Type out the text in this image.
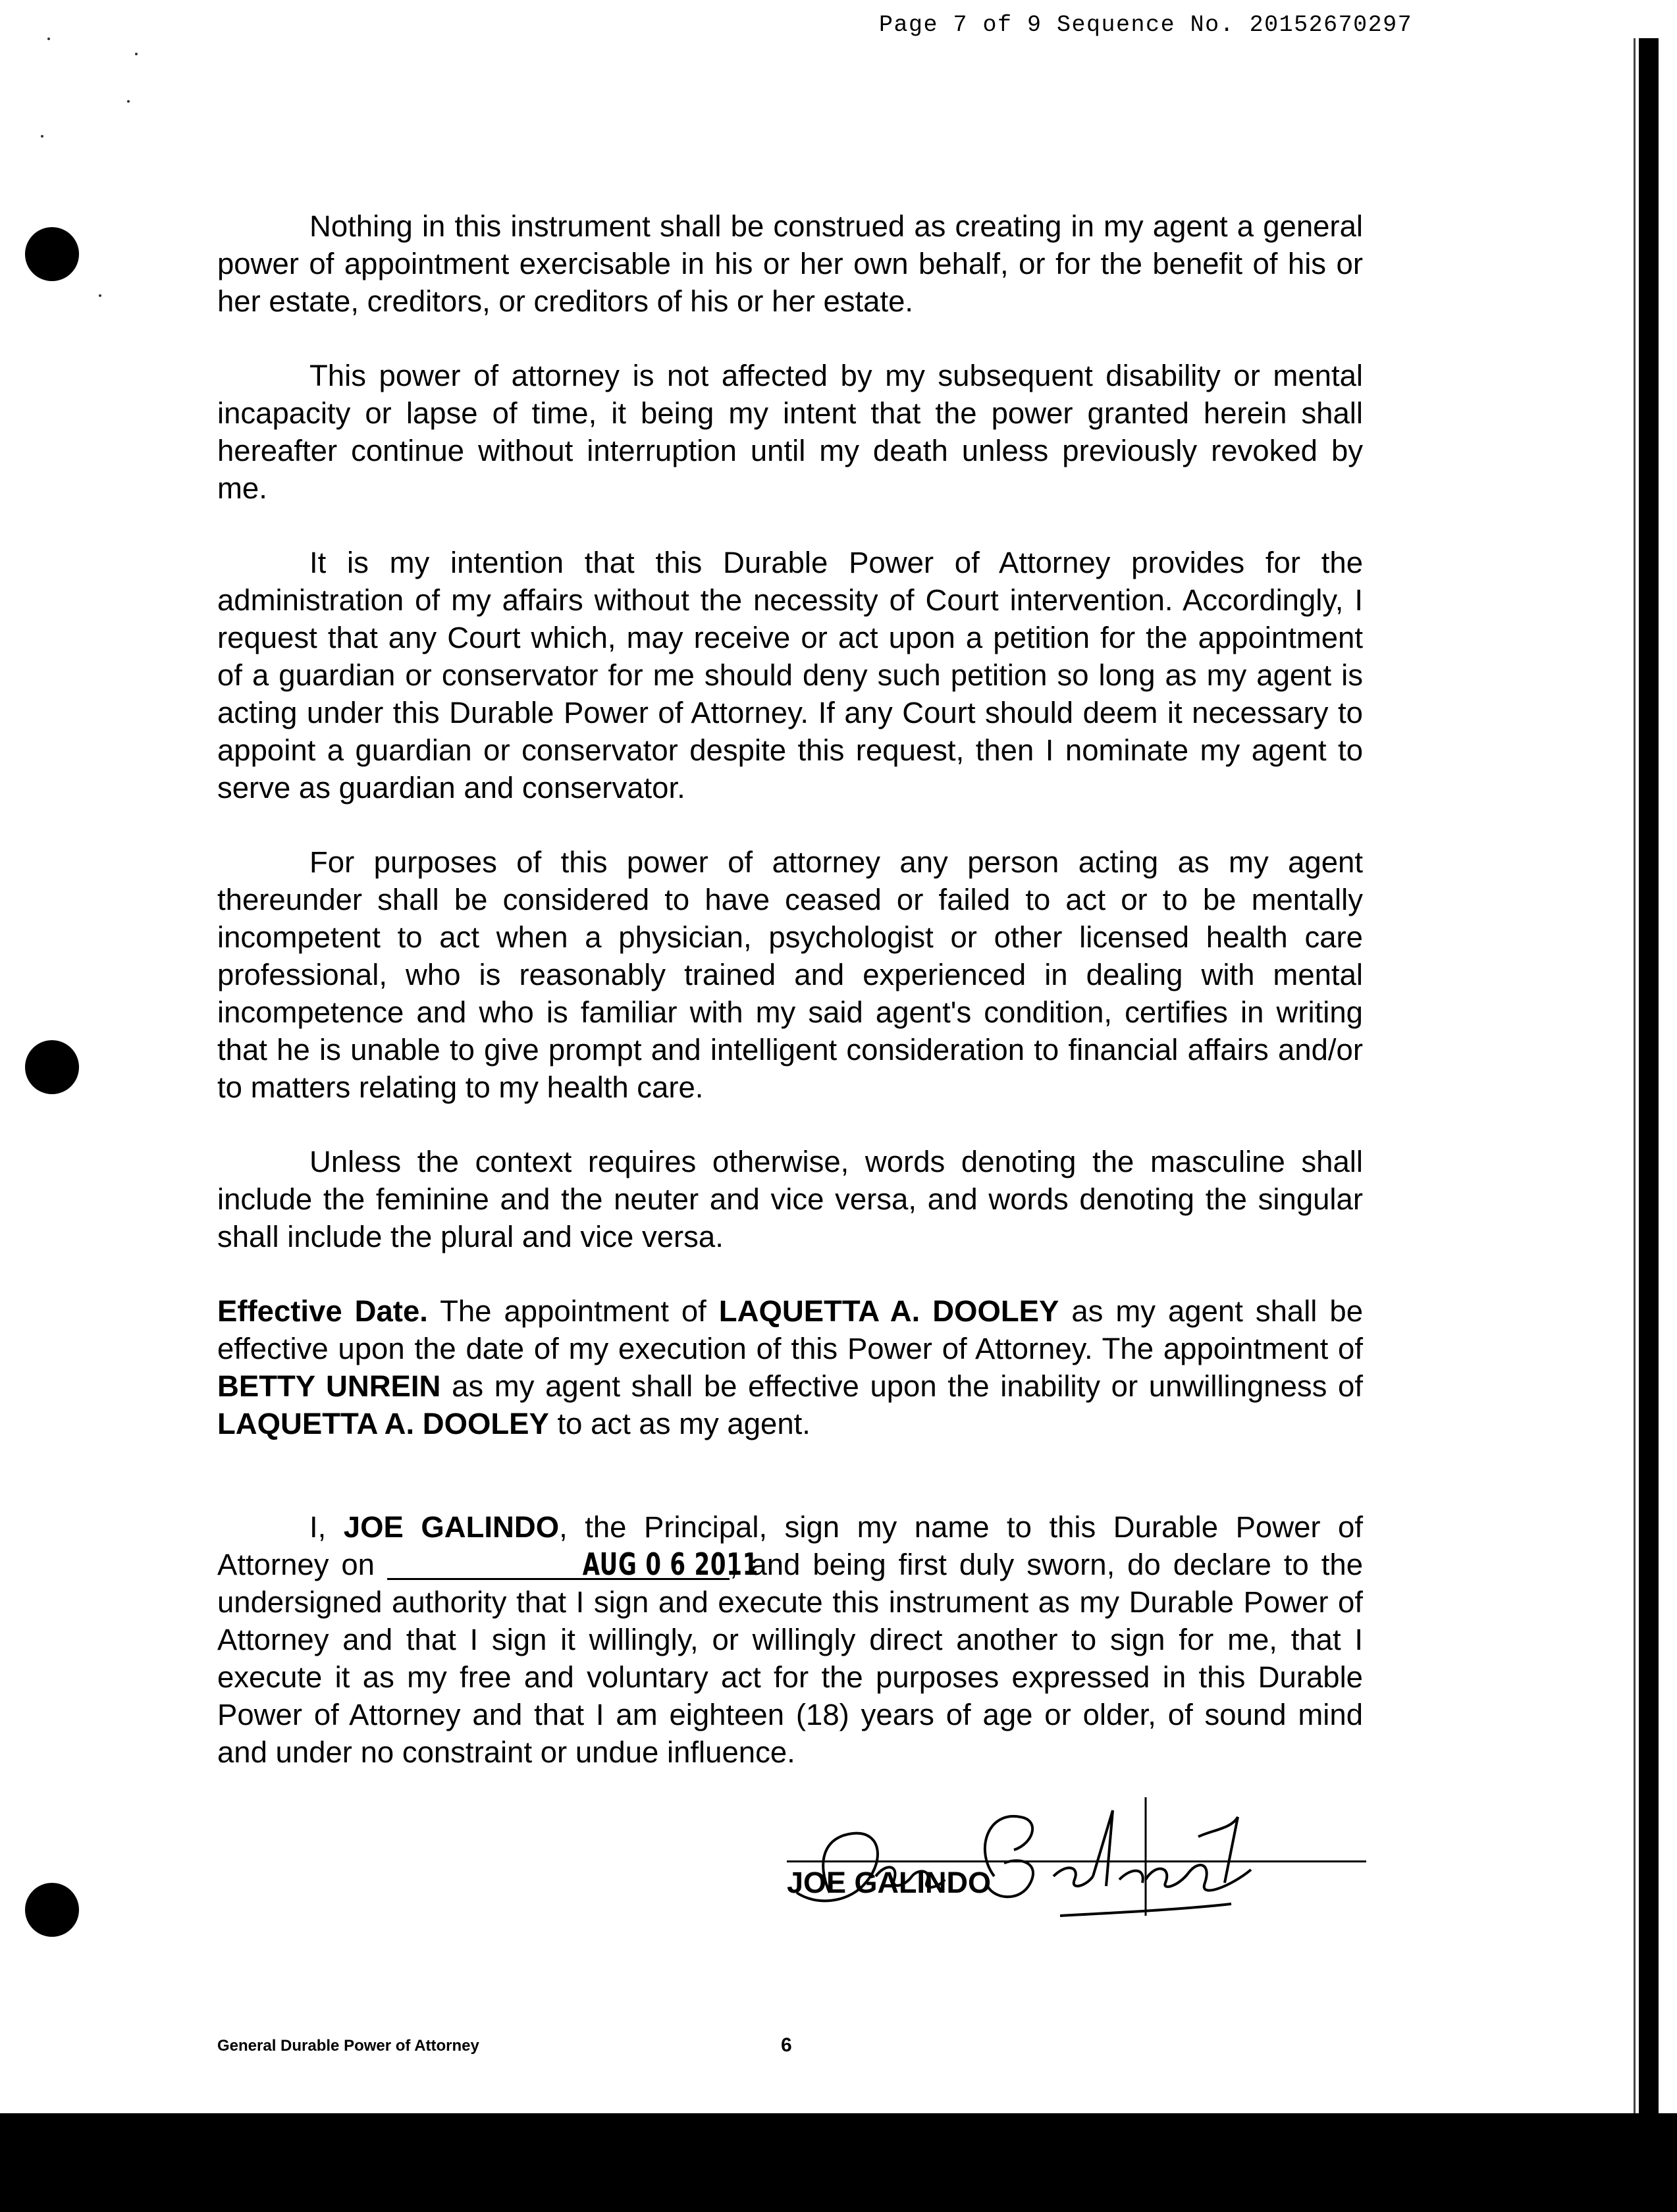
Page 7 of 9 Sequence No. 20152670297

Nothing in this instrument shall be construed as creating in my agent a general power of appointment exercisable in his or her own behalf, or for the benefit of his or her estate, creditors, or creditors of his or her estate.

This power of attorney is not affected by my subsequent disability or mental incapacity or lapse of time, it being my intent that the power granted herein shall hereafter continue without interruption until my death unless previously revoked by me.

It is my intention that this Durable Power of Attorney provides for the administration of my affairs without the necessity of Court intervention. Accordingly, I request that any Court which, may receive or act upon a petition for the appointment of a guardian or conservator for me should deny such petition so long as my agent is acting under this Durable Power of Attorney. If any Court should deem it necessary to appoint a guardian or conservator despite this request, then I nominate my agent to serve as guardian and conservator.

For purposes of this power of attorney any person acting as my agent thereunder shall be considered to have ceased or failed to act or to be mentally incompetent to act when a physician, psychologist or other licensed health care professional, who is reasonably trained and experienced in dealing with mental incompetence and who is familiar with my said agent's condition, certifies in writing that he is unable to give prompt and intelligent consideration to financial affairs and/or to matters relating to my health care.

Unless the context requires otherwise, words denoting the masculine shall include the feminine and the neuter and vice versa, and words denoting the singular shall include the plural and vice versa.

Effective Date. The appointment of LAQUETTA A. DOOLEY as my agent shall be effective upon the date of my execution of this Power of Attorney. The appointment of BETTY UNREIN as my agent shall be effective upon the inability or unwillingness of LAQUETTA A. DOOLEY to act as my agent.

I, JOE GALINDO, the Principal, sign my name to this Durable Power of Attorney on	AUG 0 6 2011, and being first duly sworn, do declare to the undersigned authority that I sign and execute this instrument as my Durable Power of Attorney and that I sign it willingly, or willingly direct another to sign for me, that I execute it as my free and voluntary act for the purposes expressed in this Durable Power of Attorney and that I am eighteen (18) years of age or older, of sound mind and under no constraint or undue influence.

JOE GALINDO
General Durable Power of Attorney	6
